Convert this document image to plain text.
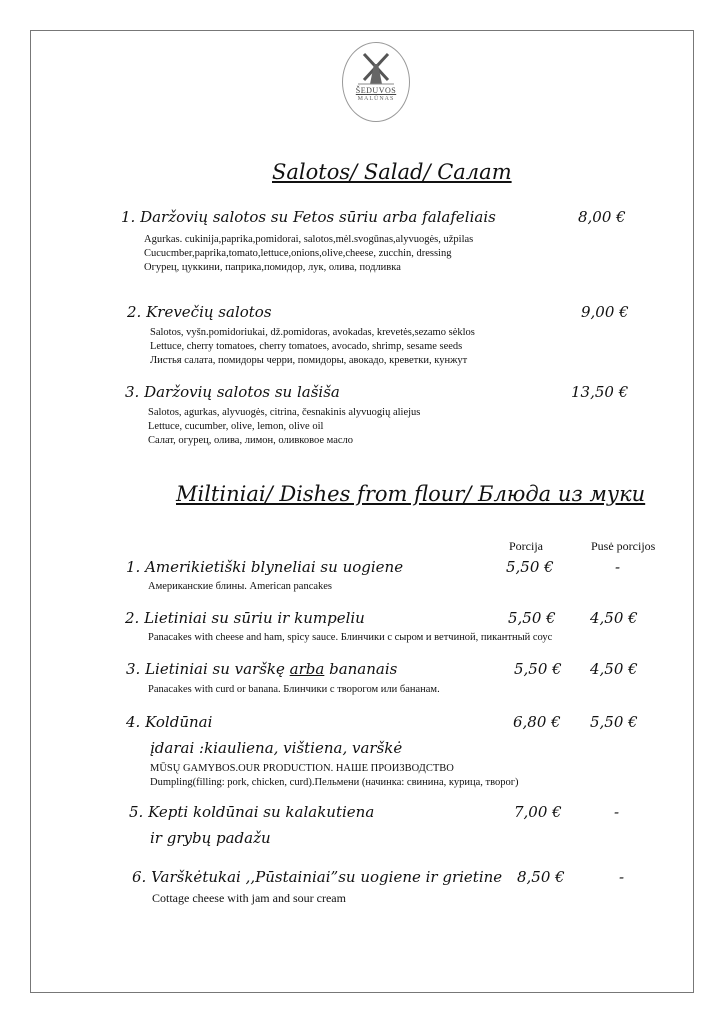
ŠEDUVOS
MALŪNAS
Salotos/ Salad/ Салат
1. Daržovių salotos su Fetos sūriu arba falafeliais	8,00 €
Agurkas. cukinija,paprika,pomidorai, salotos,mėl.svogūnas,alyvuogės, užpilas
Cucucmber,paprika,tomato,lettuce,onions,olive,cheese, zucchin, dressing
Огурец, цуккини, паприка,помидор, лук, олива, подливка
2. Krevečių salotos	9,00 €
Salotos, vyšn.pomidoriukai, dž.pomidoras, avokadas, krevetės,sezamo sėklos
Lettuce, cherry tomatoes, cherry tomatoes, avocado, shrimp, sesame seeds
Листья салата, помидоры черри, помидоры, авокадо, креветки, кунжут
3. Daržovių salotos su lašiša	13,50 €
Salotos, agurkas, alyvuogės, citrina, česnakinis alyvuogių aliejus
Lettuce, cucumber, olive, lemon, olive oil
Салат, огурец, олива, лимон, оливковое масло
Miltiniai/ Dishes from flour/ Блюда из муки
Porcija	Pusė porcijos
1. Amerikietiški blyneliai su uogiene	5,50 €	-
Американские блины. American pancakes
2. Lietiniai su sūriu ir kumpeliu	5,50 € 4,50 €
Panacakes with cheese and ham, spicy sauce. Блинчики с сыром и ветчиной, пикантный соус
3. Lietiniai su varškę arba bananais	5,50 € 4,50 €
Panacakes with curd or banana. Блинчики с творогом или бананам.
4. Koldūnai
įdarai :kiauliena, vištiena, varškė
6,80 € 5,50 €
MŪSŲ GAMYBOS.OUR PRODUCTION. НАШЕ ПРОИЗВОДСТВО
Dumpling(filling: pork, chicken, curd).Пельмени (начинка: свинина, курица, творог)
5. Kepti koldūnai su kalakutiena
ir grybų padažu
7,00 €	-
6. Varškėtukai ,,Pūstainiai”su uogiene ir grietine 8,50 €	-
Cottage cheese with jam and sour cream
